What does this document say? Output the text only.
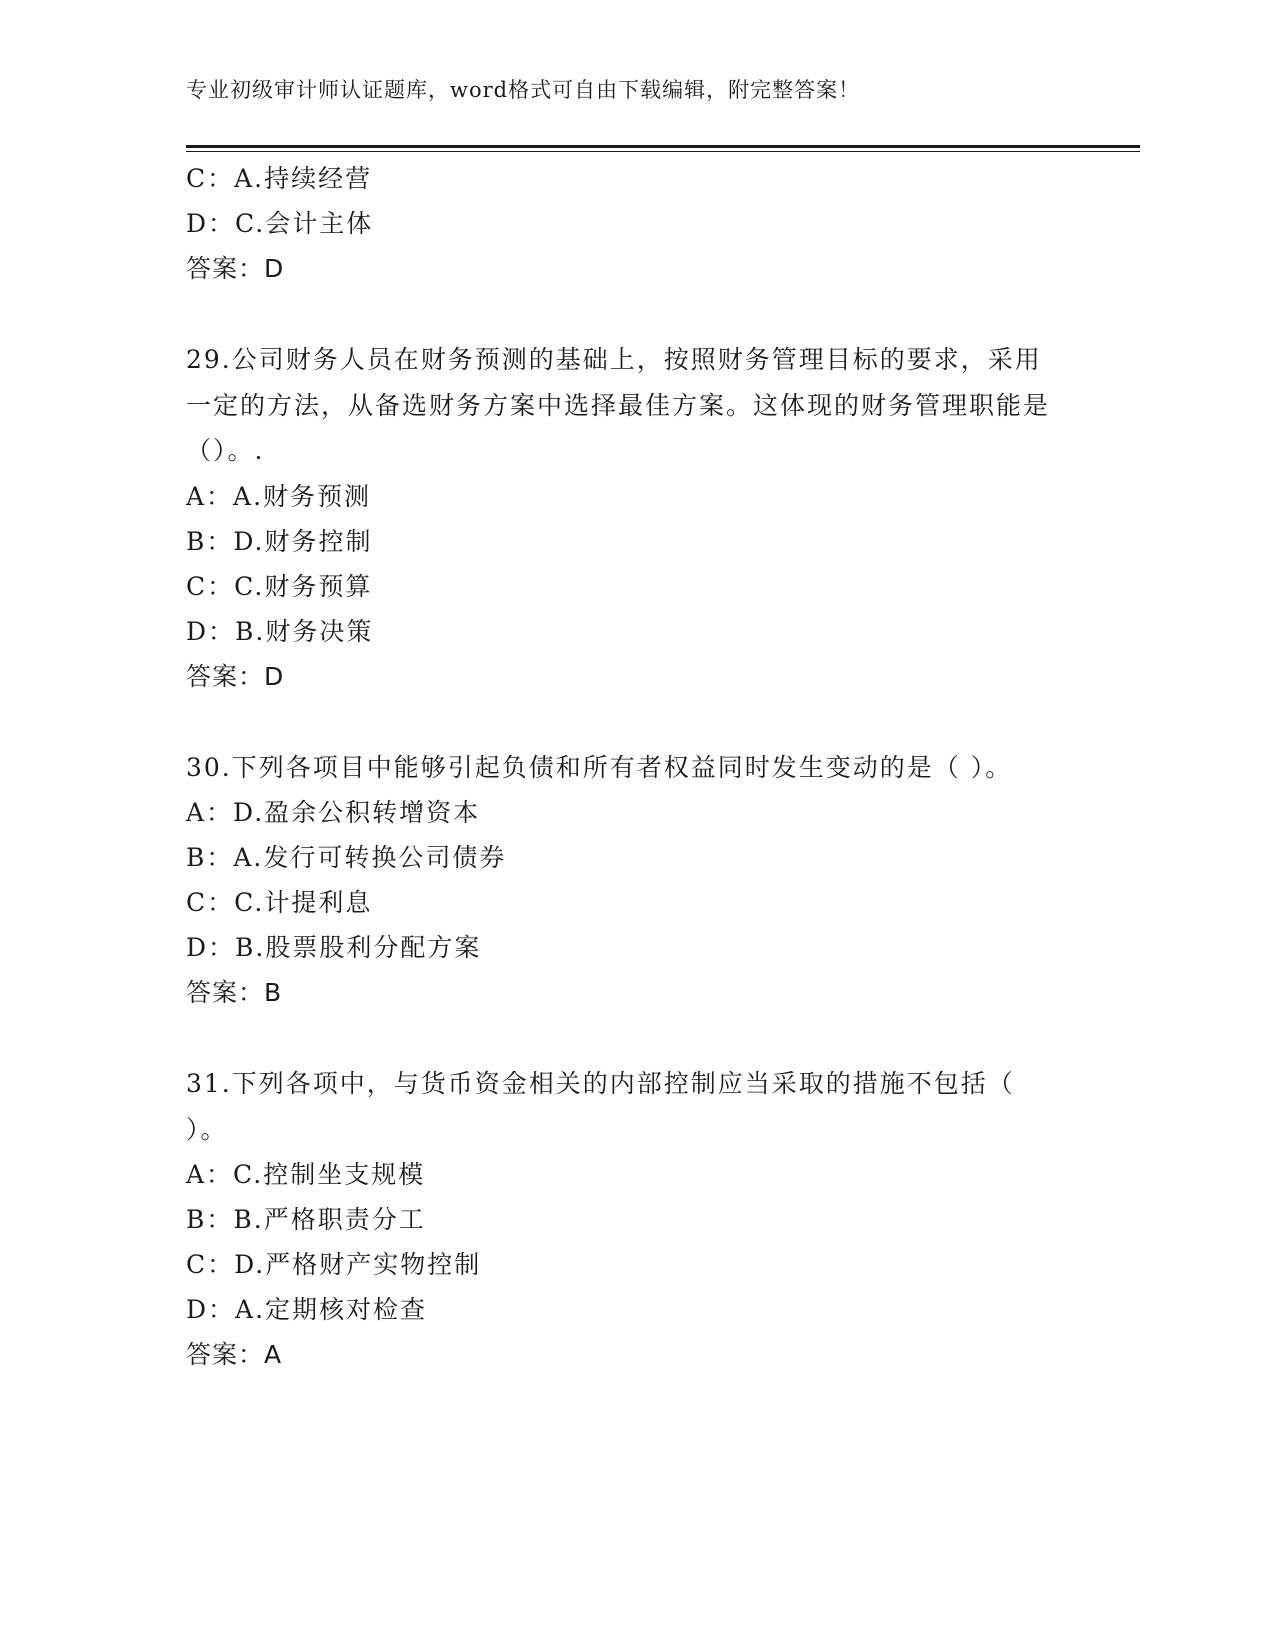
专业初级审计师认证题库，word格式可自由下载编辑，附完整答案！
C：A.持续经营
D：C.会计主体
答案：D
29.公司财务人员在财务预测的基础上，按照财务管理目标的要求，采用一定的方法，从备选财务方案中选择最佳方案。这体现的财务管理职能是（）。.
A：A.财务预测
B：D.财务控制
C：C.财务预算
D：B.财务决策
答案：D
30.下列各项目中能够引起负债和所有者权益同时发生变动的是（ ）。
A：D.盈余公积转增资本
B：A.发行可转换公司债券
C：C.计提利息
D：B.股票股利分配方案
答案：B
31.下列各项中，与货币资金相关的内部控制应当采取的措施不包括（ ）。
A：C.控制坐支规模
B：B.严格职责分工
C：D.严格财产实物控制
D：A.定期核对检查
答案：A
